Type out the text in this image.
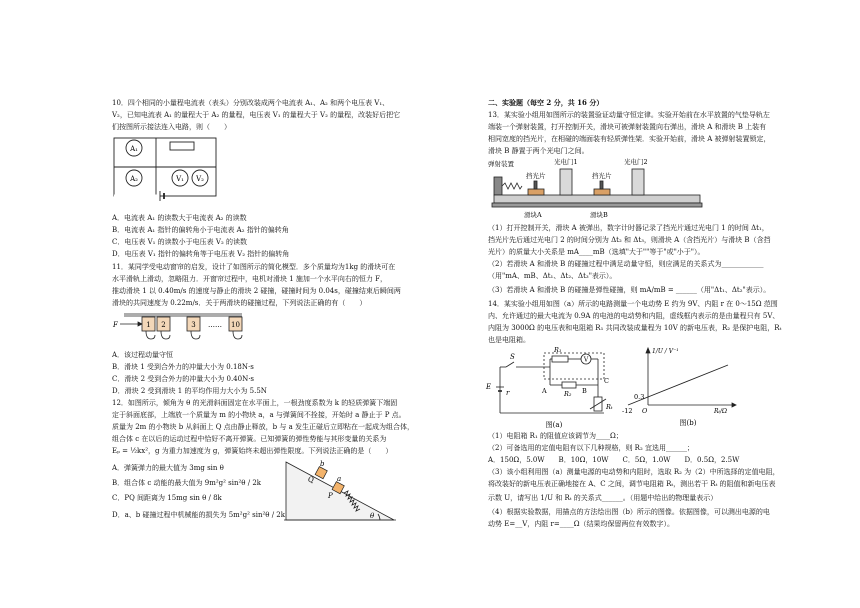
10．四个相同的小量程电流表（表头）分别改装成两个电流表 A₁、A₂ 和两个电压表 V₁、
V₂，已知电流表 A₁ 的量程大于 A₂ 的量程，电压表 V₁ 的量程大于 V₂ 的量程，改装好后把它
们按图所示接法连入电路，则（　　）
A₁
A₂	V₁ V₂
A．电流表 A₁ 的读数大于电流表 A₂ 的读数
B．电流表 A₁ 指针的偏转角小于电流表 A₂ 指针的偏转角
C．电压表 V₁ 的读数小于电压表 V₂ 的读数
D．电压表 V₁ 指针的偏转角等于电压表 V₂ 指针的偏转角
11．某同学受电动窗帘的启发，设计了如图所示的简化模型．多个质量均为1kg 的滑块可在
水平滑轨上滑动，忽略阻力．开窗帘过程中，电机对滑块 1 施加一个水平向右的恒力 F，
推动滑块 1 以 0.40m/s 的速度与静止的滑块 2 碰撞，碰撞时间为 0.04s，碰撞结束后瞬间两
滑块的共同速度为 0.22m/s．关于两滑块的碰撞过程，下列说法正确的有（　　）
F	1 2	3 …… 10
A．该过程动量守恒
B．滑块 1 受到合外力的冲量大小为 0.18N·s
C．滑块 2 受到合外力的冲量大小为 0.40N·s
D．滑块 2 受到滑块 1 的平均作用力大小为 5.5N
12．如图所示，倾角为 θ 的光滑斜面固定在水平面上，一根劲度系数为 k 的轻质弹簧下端固
定于斜面底部，上端放一个质量为 m 的小物块 a，a 与弹簧间不拴接，开始时 a 静止于 P 点。
质量为 2m 的小物块 b 从斜面上 Q 点由静止释放，b 与 a 发生正碰后立即粘在一起成为组合体，
组合体 c 在以后的运动过程中恰好不离开弹簧。已知弹簧的弹性势能与其形变量的关系为
Eₚ = ½kx²，g 为重力加速度为 g，弹簧始终未超出弹性限度。下列说法正确的是（　　）
A．弹簧弹力的最大值为 3mg sin θ
B．组合体 c 动能的最大值为 9m²g² sin²θ / 2k
C．PQ 间距离为 15mg sin θ / 8k
D．a、b 碰撞过程中机械能的损失为 5m²g² sin²θ / 2k
b
Q	a
P
θ
二、实验题（每空 2 分，共 16 分）
13．某实验小组用如图所示的装置验证动量守恒定律。实验开始前在水平放置的气垫导轨左
端装一个弹射装置，打开控制开关，滑块可被弹射装置向右弹出，滑块 A 和滑块 B 上装有
相同宽度的挡光片，在相碰的端面装有轻质弹性架．实验开始前，滑块 A 被弹射装置锁定，
滑块 B 静置于两个光电门之间。
弹射装置	光电门1	光电门2
挡光片	挡光片
滑块A	滑块B
（1）打开控制开关，滑块 A 被弹出，数字计时器记录了挡光片通过光电门 1 的时间 Δt₁，
挡光片先后通过光电门 2 的时间分别为 Δt₂ 和 Δt₃，则滑块 A（含挡光片）与滑块 B（含挡
光片）的质量大小关系是 mA____mB（选填"大于""等于"或"小于"）。
（2）若滑块 A 和滑块 B 的碰撞过程中满足动量守恒，则应满足的关系式为____________
（用"mA、mB、Δt₁、Δt₂、Δt₃"表示）。
（3）若滑块 A 和滑块 B 的碰撞是弹性碰撞，则 mA/mB = ______（用"Δt₁、Δt₂"表示）。
14．某实验小组用如图（a）所示的电路测量一个电动势 E 约为 9V、内阻 r 在 0～15Ω 范围
内、允许通过的最大电流为 0.9A 的电池的电动势和内阻，虚线框内表示的是由量程只有 5V、
内阻为 3000Ω 的电压表和电阻箱 R₁ 共同改装成量程为 10V 的新电压表，R₂ 是保护电阻，Rₜ
也是电阻箱。
S
R₁
V
R₂
E
r	A	B
C
Rₜ
图(a)
1/U / V⁻¹
0.3
O
-12	Rₜ/Ω
图(b)
（1）电阻箱 R₁ 的阻值应该调节为____Ω；
（2）可备选用的定值电阻有以下几种规格，则 R₂ 宜选用______；
A．150Ω，5.0W　　B．10Ω，10W　　C．5Ω，1.0W　　D．0.5Ω，2.5W
（3）该小组利用图（a）测量电源的电动势和内阻时，选取 R₂ 为（2）中所选择的定值电阻，
将改装好的新电压表正确地接在 A、C 之间，调节电阻箱 Rₜ，测出若干 Rₜ 的阻值和新电压表
示数 U，请写出 1/U 和 Rₜ 的关系式______。（用题中给出的物理量表示）
（4）根据实验数据，用描点的方法绘出图（b）所示的图像。依据图像，可以测出电源的电
动势 E=__V，内阻 r=____Ω（结果均保留两位有效数字）。
